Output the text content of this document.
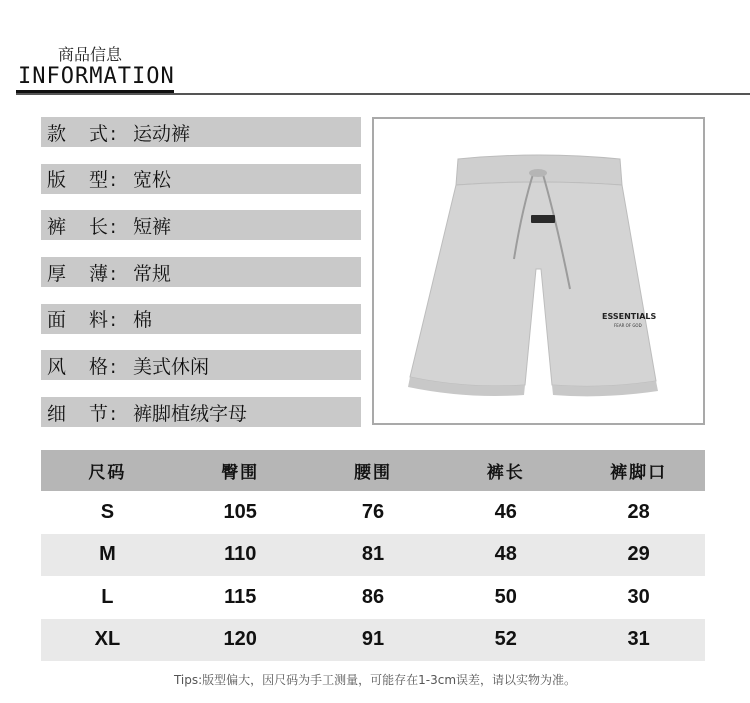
商品信息
INFORMATION
款　式: 运动裤
版　型: 宽松
裤　长: 短裤
厚　薄: 常规
面　料: 棉
风　格: 美式休闲
细　节: 裤脚植绒字母
ESSENTIALS
FEAR OF GOD
尺码	臀围	腰围	裤长	裤脚口
S	105	76	46	28
M	110	81	48	29
L	115	86	50	30
XL	120	91	52	31
Tips:版型偏大，因尺码为手工测量，可能存在1-3cm误差，请以实物为准。
